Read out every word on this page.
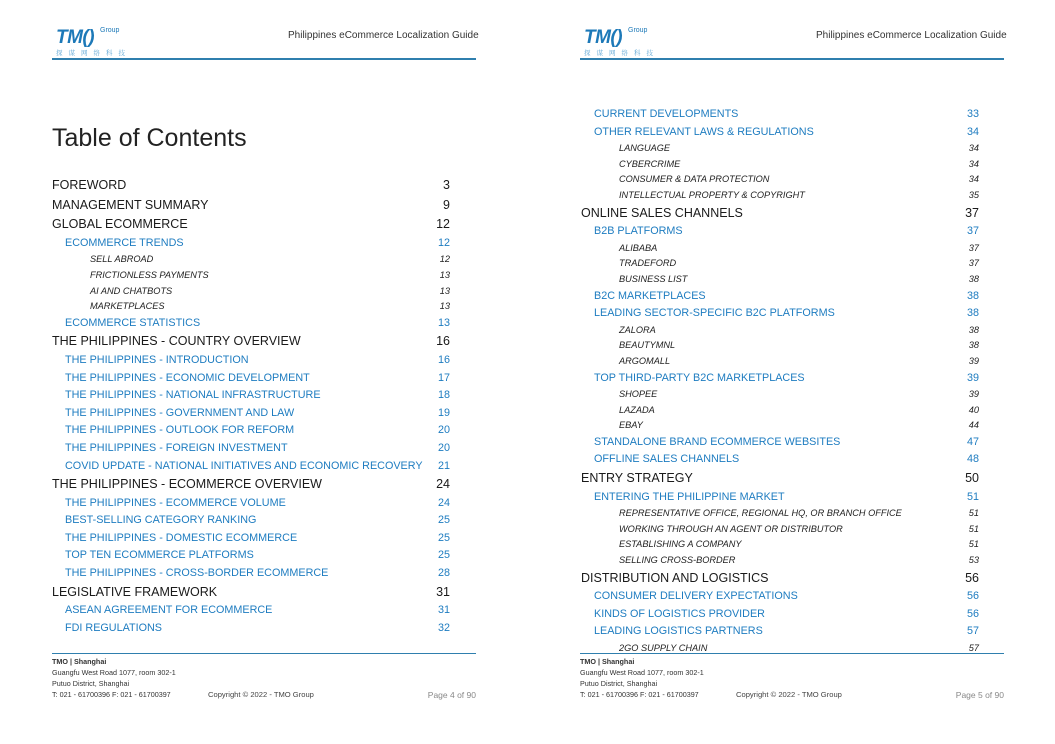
TM() Group
探谋网络科技
Philippines eCommerce Localization Guide
Table of Contents
FOREWORD	3
MANAGEMENT SUMMARY	9
GLOBAL ECOMMERCE	12
ECOMMERCE TRENDS	12
SELL ABROAD	12
FRICTIONLESS PAYMENTS	13
AI AND CHATBOTS	13
MARKETPLACES	13
ECOMMERCE STATISTICS	13
THE PHILIPPINES - COUNTRY OVERVIEW	16
THE PHILIPPINES - INTRODUCTION	16
THE PHILIPPINES - ECONOMIC DEVELOPMENT	17
THE PHILIPPINES - NATIONAL INFRASTRUCTURE	18
THE PHILIPPINES - GOVERNMENT AND LAW	19
THE PHILIPPINES - OUTLOOK FOR REFORM	20
THE PHILIPPINES - FOREIGN INVESTMENT	20
COVID UPDATE - NATIONAL INITIATIVES AND ECONOMIC RECOVERY 21
THE PHILIPPINES - ECOMMERCE OVERVIEW	24
THE PHILIPPINES - ECOMMERCE VOLUME	24
BEST-SELLING CATEGORY RANKING	25
THE PHILIPPINES - DOMESTIC ECOMMERCE	25
TOP TEN ECOMMERCE PLATFORMS	25
THE PHILIPPINES - CROSS-BORDER ECOMMERCE	28
LEGISLATIVE FRAMEWORK	31
ASEAN AGREEMENT FOR ECOMMERCE	31
FDI REGULATIONS	32
TMO | Shanghai
Guangfu West Road 1077, room 302-1
Putuo District, Shanghai
T: 021 - 61700396 F: 021 - 61700397	Copyright © 2022 - TMO Group	Page 4 of 90
TM() Group
探谋网络科技
Philippines eCommerce Localization Guide
CURRENT DEVELOPMENTS	33
OTHER RELEVANT LAWS & REGULATIONS	34
LANGUAGE	34
CYBERCRIME	34
CONSUMER & DATA PROTECTION	34
INTELLECTUAL PROPERTY & COPYRIGHT	35
ONLINE SALES CHANNELS	37
B2B PLATFORMS	37
ALIBABA	37
TRADEFORD	37
BUSINESS LIST	38
B2C MARKETPLACES	38
LEADING SECTOR-SPECIFIC B2C PLATFORMS	38
ZALORA	38
BEAUTYMNL	38
ARGOMALL	39
TOP THIRD-PARTY B2C MARKETPLACES	39
SHOPEE	39
LAZADA	40
EBAY	44
STANDALONE BRAND ECOMMERCE WEBSITES	47
OFFLINE SALES CHANNELS	48
ENTRY STRATEGY	50
ENTERING THE PHILIPPINE MARKET	51
REPRESENTATIVE OFFICE, REGIONAL HQ, OR BRANCH OFFICE	51
WORKING THROUGH AN AGENT OR DISTRIBUTOR	51
ESTABLISHING A COMPANY	51
SELLING CROSS-BORDER	53
DISTRIBUTION AND LOGISTICS	56
CONSUMER DELIVERY EXPECTATIONS	56
KINDS OF LOGISTICS PROVIDER	56
LEADING LOGISTICS PARTNERS	57
2GO SUPPLY CHAIN	57
TMO | Shanghai
Guangfu West Road 1077, room 302-1
Putuo District, Shanghai
T: 021 - 61700396 F: 021 - 61700397	Copyright © 2022 - TMO Group	Page 5 of 90
